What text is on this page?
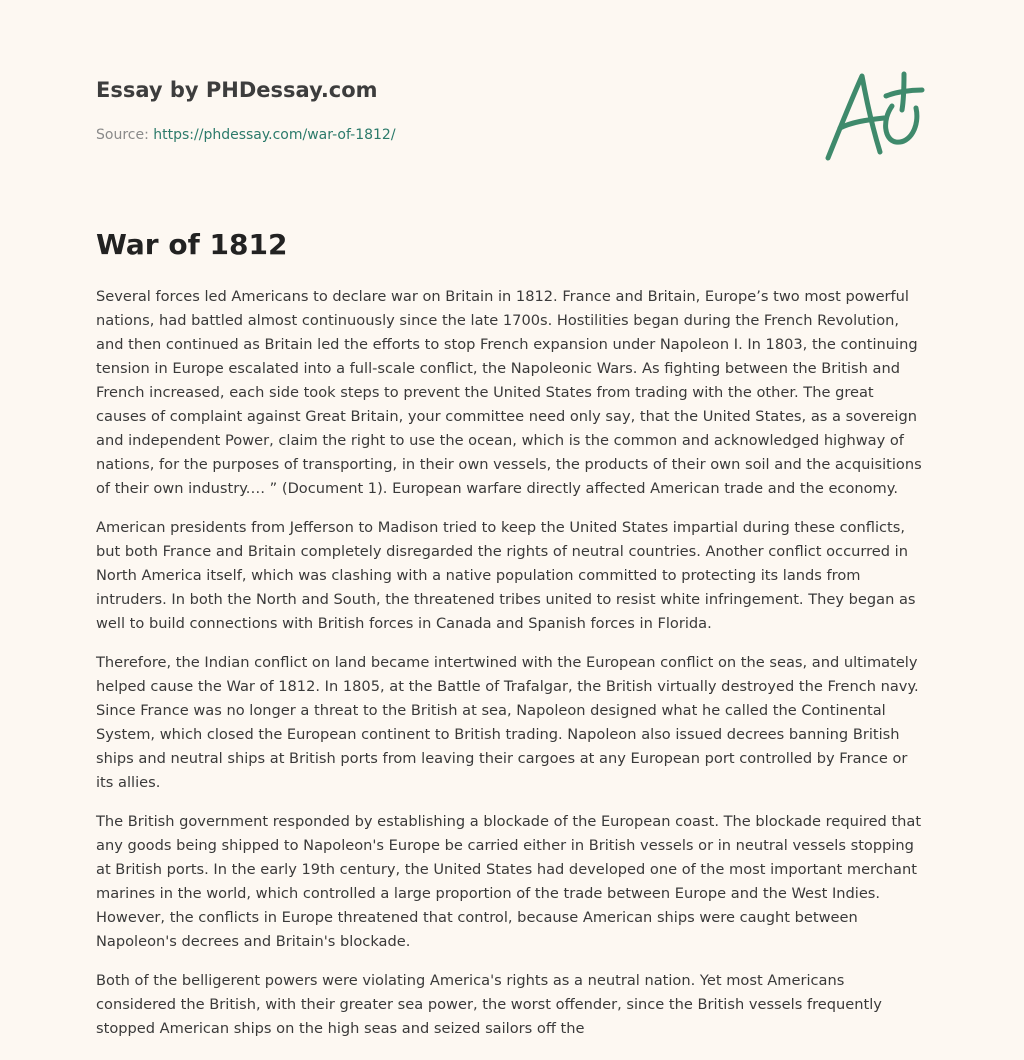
Essay by PHDessay.com
Source: https://phdessay.com/war-of-1812/
War of 1812

Several forces led Americans to declare war on Britain in 1812. France and Britain, Europe’s two most powerful nations, had battled almost continuously since the late 1700s. Hostilities began during the French Revolution, and then continued as Britain led the efforts to stop French expansion under Napoleon I. In 1803, the continuing tension in Europe escalated into a full-scale conflict, the Napoleonic Wars. As fighting between the British and French increased, each side took steps to prevent the United States from trading with the other. The great causes of complaint against Great Britain, your committee need only say, that the United States, as a sovereign and independent Power, claim the right to use the ocean, which is the common and acknowledged highway of nations, for the purposes of transporting, in their own vessels, the products of their own soil and the acquisitions of their own industry.… ” (Document 1). European warfare directly affected American trade and the economy.

American presidents from Jefferson to Madison tried to keep the United States impartial during these conflicts, but both France and Britain completely disregarded the rights of neutral countries. Another conflict occurred in North America itself, which was clashing with a native population committed to protecting its lands from intruders. In both the North and South, the threatened tribes united to resist white infringement. They began as well to build connections with British forces in Canada and Spanish forces in Florida.

Therefore, the Indian conflict on land became intertwined with the European conflict on the seas, and ultimately helped cause the War of 1812. In 1805, at the Battle of Trafalgar, the British virtually destroyed the French navy. Since France was no longer a threat to the British at sea, Napoleon designed what he called the Continental System, which closed the European continent to British trading. Napoleon also issued decrees banning British ships and neutral ships at British ports from leaving their cargoes at any European port controlled by France or its allies.

The British government responded by establishing a blockade of the European coast. The blockade required that any goods being shipped to Napoleon's Europe be carried either in British vessels or in neutral vessels stopping at British ports. In the early 19th century, the United States had developed one of the most important merchant marines in the world, which controlled a large proportion of the trade between Europe and the West Indies. However, the conflicts in Europe threatened that control, because American ships were caught between Napoleon's decrees and Britain's blockade.

Both of the belligerent powers were violating America's rights as a neutral nation. Yet most Americans considered the British, with their greater sea power, the worst offender, since the British vessels frequently stopped American ships on the high seas and seized sailors off the
